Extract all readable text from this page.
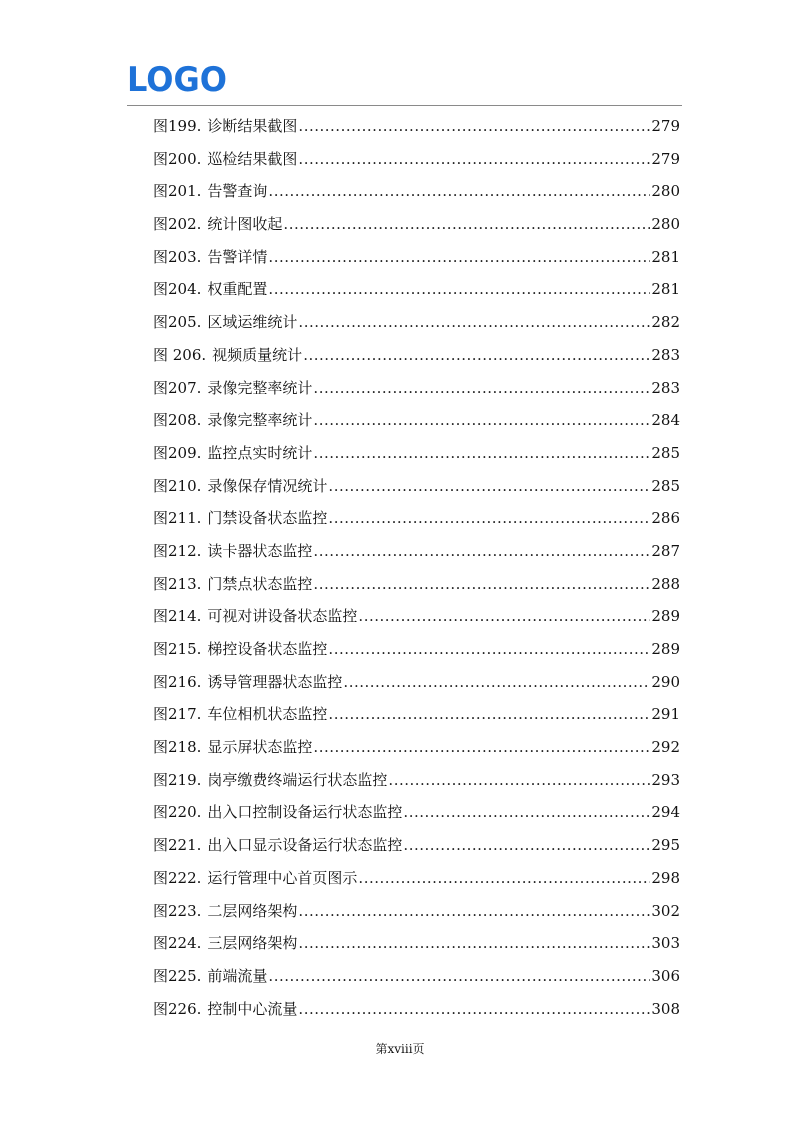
LOGO
图199. 诊断结果截图 .....	279
图200. 巡检结果截图 .....	279
图201. 告警查询 .....	280
图202. 统计图收起 .....	280
图203. 告警详情 .....	281
图204. 权重配置 .....	281
图205. 区域运维统计 .....	282
图 206. 视频质量统计 .....	283
图207. 录像完整率统计 .....	283
图208. 录像完整率统计 .....	284
图209. 监控点实时统计 .....	285
图210. 录像保存情况统计 .....	285
图211. 门禁设备状态监控 .....	286
图212. 读卡器状态监控 .....	287
图213. 门禁点状态监控 .....	288
图214. 可视对讲设备状态监控 .....	289
图215. 梯控设备状态监控 .....	289
图216. 诱导管理器状态监控 .....	290
图217. 车位相机状态监控 .....	291
图218. 显示屏状态监控 .....	292
图219. 岗亭缴费终端运行状态监控 .....	293
图220. 出入口控制设备运行状态监控 .....	294
图221. 出入口显示设备运行状态监控 .....	295
图222. 运行管理中心首页图示 .....	298
图223. 二层网络架构 .....	302
图224. 三层网络架构 .....	303
图225. 前端流量 .....	306
图226. 控制中心流量 .....	308
第xviii页
